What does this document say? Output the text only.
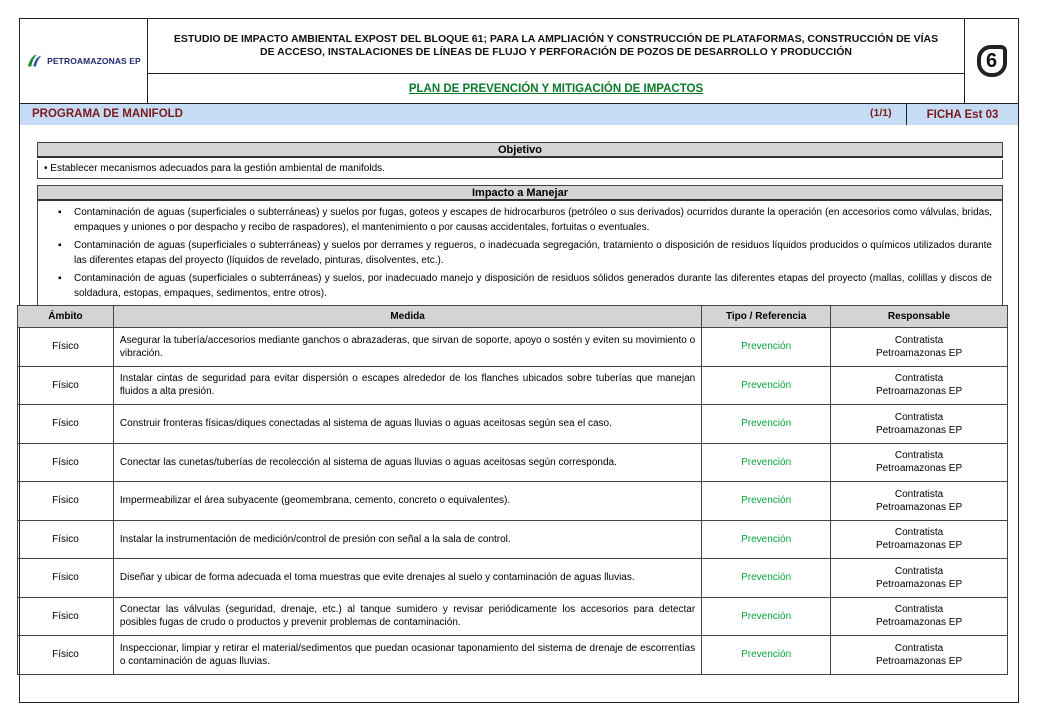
PETROAMAZONAS EP
ESTUDIO DE IMPACTO AMBIENTAL EXPOST DEL BLOQUE 61; PARA LA AMPLIACIÓN Y CONSTRUCCIÓN DE PLATAFORMAS, CONSTRUCCIÓN DE VÍAS DE ACCESO, INSTALACIONES DE LÍNEAS DE FLUJO Y PERFORACIÓN DE POZOS DE DESARROLLO Y PRODUCCIÓN
PLAN DE PREVENCIÓN Y MITIGACIÓN DE IMPACTOS
6
PROGRAMA DE MANIFOLD	(1/1)	FICHA Est 03
Objetivo
• Establecer mecanismos adecuados para la gestión ambiental de manifolds.
Impacto a Manejar
▪ Contaminación de aguas (superficiales o subterráneas) y suelos por fugas, goteos y escapes de hidrocarburos (petróleo o sus derivados) ocurridos durante la operación (en accesorios como válvulas, bridas, empaques y uniones o por despacho y recibo de raspadores), el mantenimiento o por causas accidentales, fortuitas o eventuales.
▪ Contaminación de aguas (superficiales o subterráneas) y suelos por derrames y regueros, o inadecuada segregación, tratamiento o disposición de residuos líquidos producidos o químicos utilizados durante las diferentes etapas del proyecto (líquidos de revelado, pinturas, disolventes, etc.).
▪ Contaminación de aguas (superficiales o subterráneas) y suelos, por inadecuado manejo y disposición de residuos sólidos generados durante las diferentes etapas del proyecto (mallas, colillas y discos de soldadura, estopas, empaques, sedimentos, entre otros).
Ámbito	Medida	Tipo / Referencia	Responsable
Físico	Asegurar la tubería/accesorios mediante ganchos o abrazaderas, que sirvan de soporte, apoyo o sostén y eviten su movimiento o vibración.	Prevención	Contratista
Petroamazonas EP
Físico	Instalar cintas de seguridad para evitar dispersión o escapes alrededor de los flanches ubicados sobre tuberías que manejan fluidos a alta presión.	Prevención	Contratista
Petroamazonas EP
Físico	Construir fronteras físicas/diques conectadas al sistema de aguas lluvias o aguas aceitosas según sea el caso.	Prevención	Contratista
Petroamazonas EP
Físico	Conectar las cunetas/tuberías de recolección al sistema de aguas lluvias o aguas aceitosas según corresponda.	Prevención	Contratista
Petroamazonas EP
Físico	Impermeabilizar el área subyacente (geomembrana, cemento, concreto o equivalentes).	Prevención	Contratista
Petroamazonas EP
Físico	Instalar la instrumentación de medición/control de presión con señal a la sala de control.	Prevención	Contratista
Petroamazonas EP
Físico	Diseñar y ubicar de forma adecuada el toma muestras que evite drenajes al suelo y contaminación de aguas lluvias.	Prevención	Contratista
Petroamazonas EP
Físico	Conectar las válvulas (seguridad, drenaje, etc.) al tanque sumidero y revisar periódicamente los accesorios para detectar posibles fugas de crudo o productos y prevenir problemas de contaminación.	Prevención	Contratista
Petroamazonas EP
Físico	Inspeccionar, limpiar y retirar el material/sedimentos que puedan ocasionar taponamiento del sistema de drenaje de escorrentías o contaminación de aguas lluvias.	Prevención	Contratista
Petroamazonas EP
